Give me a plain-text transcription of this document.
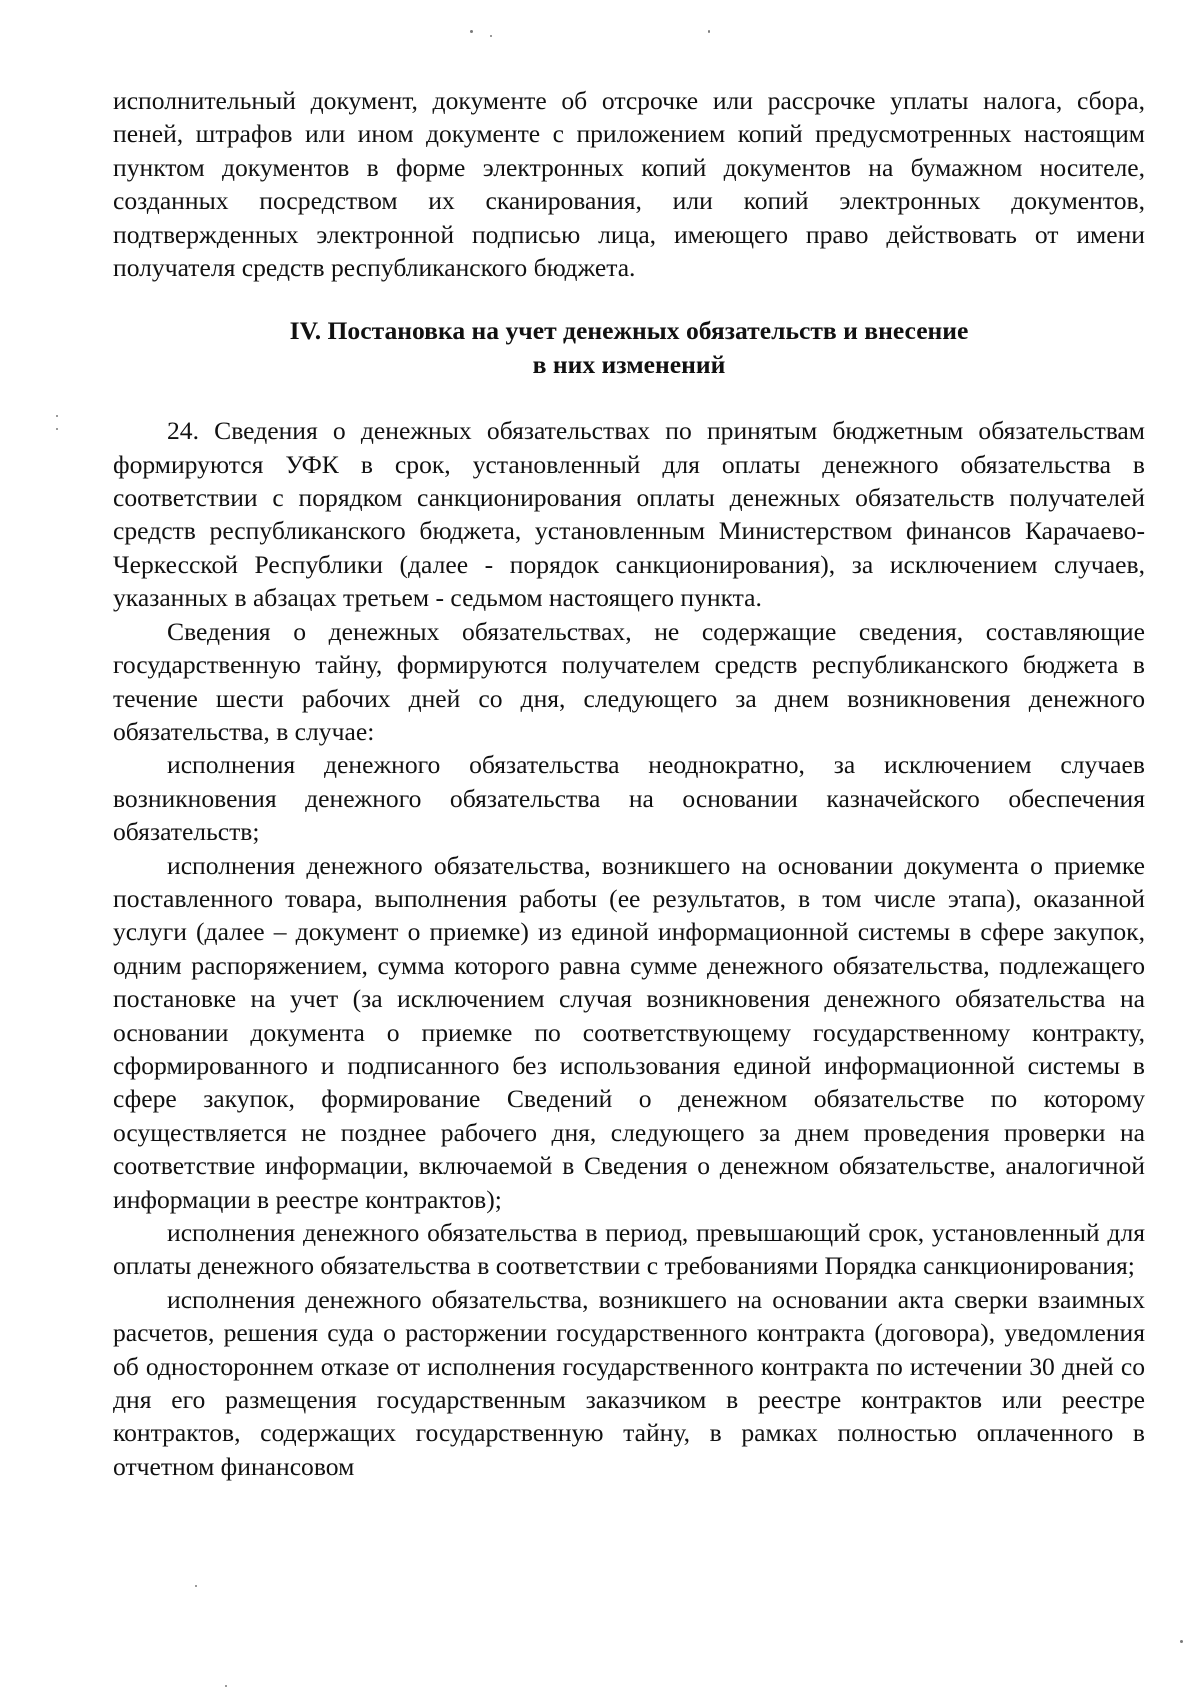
исполнительный документ, документе об отсрочке или рассрочке уплаты налога, сбора, пеней, штрафов или ином документе с приложением копий предусмотренных настоящим пунктом документов в форме электронных копий документов на бумажном носителе, созданных посредством их сканирования, или копий электронных документов, подтвержденных электронной подписью лица, имеющего право действовать от имени получателя средств республиканского бюджета.

IV. Постановка на учет денежных обязательств и внесение
в них изменений

24. Сведения о денежных обязательствах по принятым бюджетным обязательствам формируются УФК в срок, установленный для оплаты денежного обязательства в соответствии с порядком санкционирования оплаты денежных обязательств получателей средств республиканского бюджета, установленным Министерством финансов Карачаево-Черкесской Республики (далее - порядок санкционирования), за исключением случаев, указанных в абзацах третьем - седьмом настоящего пункта.

Сведения о денежных обязательствах, не содержащие сведения, составляющие государственную тайну, формируются получателем средств республиканского бюджета в течение шести рабочих дней со дня, следующего за днем возникновения денежного обязательства, в случае:

исполнения денежного обязательства неоднократно, за исключением случаев возникновения денежного обязательства на основании казначейского обеспечения обязательств;

исполнения денежного обязательства, возникшего на основании документа о приемке поставленного товара, выполнения работы (ее результатов, в том числе этапа), оказанной услуги (далее – документ о приемке) из единой информационной системы в сфере закупок, одним распоряжением, сумма которого равна сумме денежного обязательства, подлежащего постановке на учет (за исключением случая возникновения денежного обязательства на основании документа о приемке по соответствующему государственному контракту, сформированного и подписанного без использования единой информационной системы в сфере закупок, формирование Сведений о денежном обязательстве по которому осуществляется не позднее рабочего дня, следующего за днем проведения проверки на соответствие информации, включаемой в Сведения о денежном обязательстве, аналогичной информации в реестре контрактов);

исполнения денежного обязательства в период, превышающий срок, установленный для оплаты денежного обязательства в соответствии с требованиями Порядка санкционирования;

исполнения денежного обязательства, возникшего на основании акта сверки взаимных расчетов, решения суда о расторжении государственного контракта (договора), уведомления об одностороннем отказе от исполнения государственного контракта по истечении 30 дней со дня его размещения государственным заказчиком в реестре контрактов или реестре контрактов, содержащих государственную тайну, в рамках полностью оплаченного в отчетном финансовом
